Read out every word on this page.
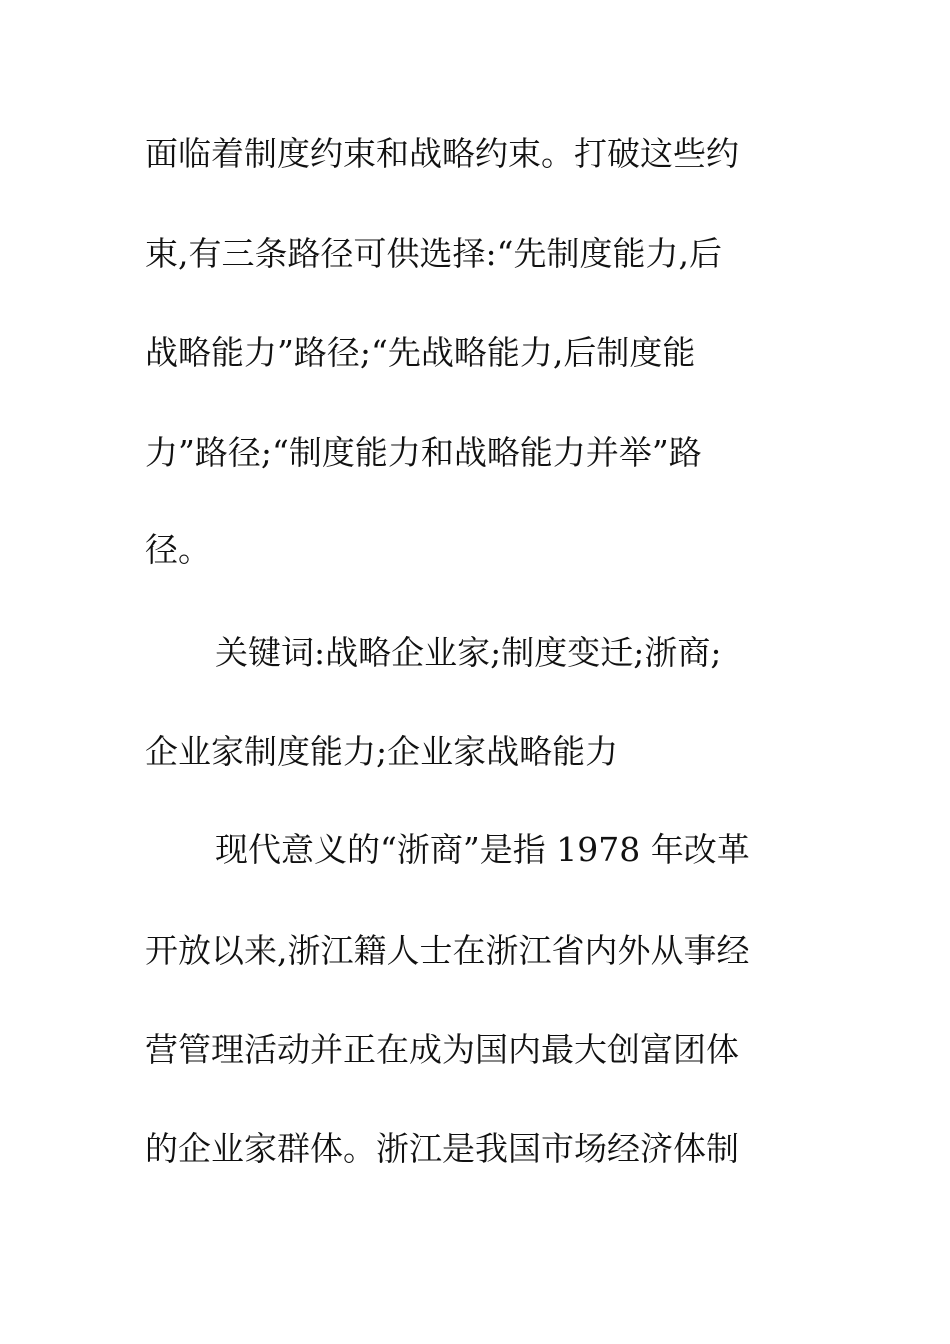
面临着制度约束和战略约束。打破这些约
束,有三条路径可供选择:“先制度能力,后
战略能力”路径;“先战略能力,后制度能
力”路径;“制度能力和战略能力并举”路
径。
关键词:战略企业家;制度变迁;浙商;
企业家制度能力;企业家战略能力
现代意义的“浙商”是指 1978 年改革
开放以来,浙江籍人士在浙江省内外从事经
营管理活动并正在成为国内最大创富团体
的企业家群体。浙江是我国市场经济体制
